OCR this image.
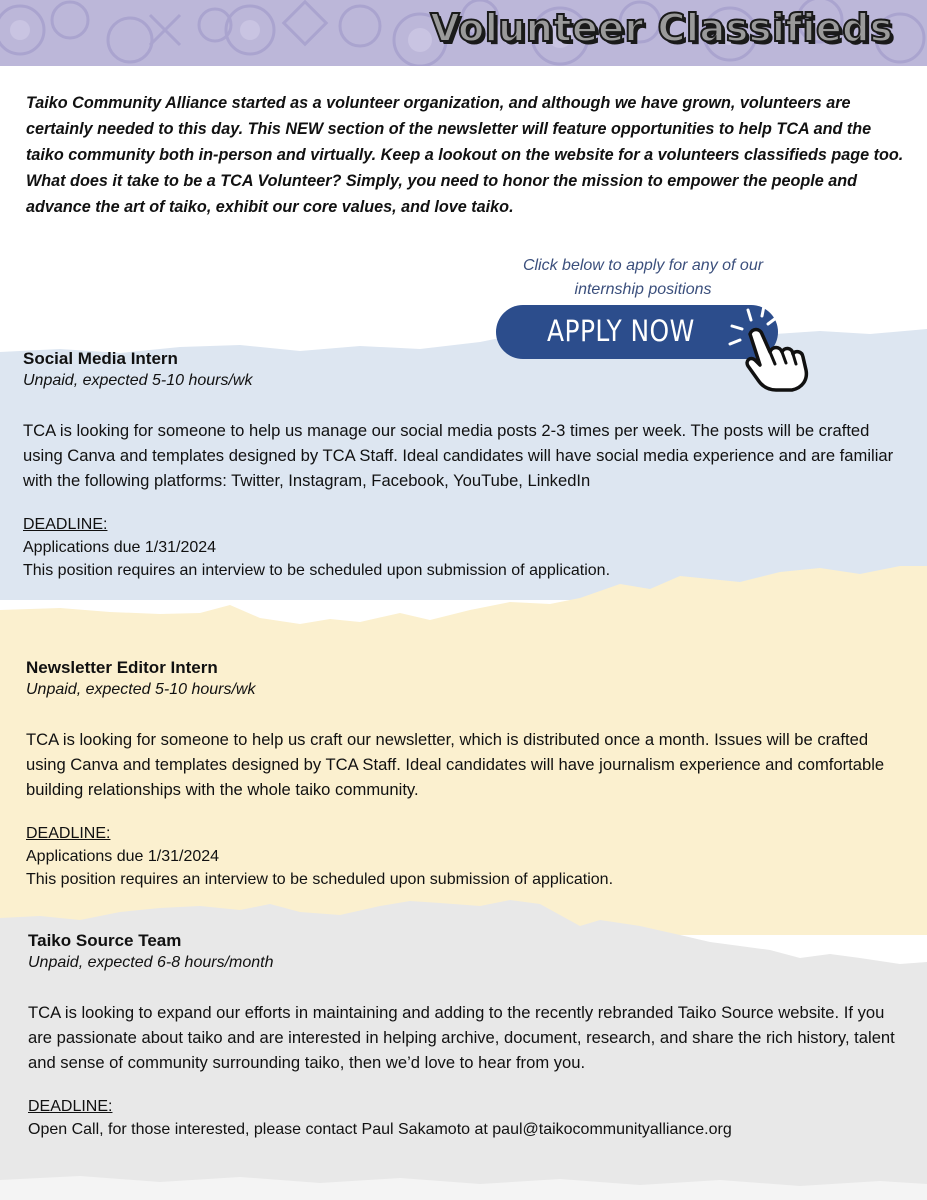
Volunteer Classifieds

Taiko Community Alliance started as a volunteer organization, and although we have grown, volunteers are certainly needed to this day. This NEW section of the newsletter will feature opportunities to help TCA and the taiko community both in-person and virtually. Keep a lookout on the website for a volunteers classifieds page too. What does it take to be a TCA Volunteer? Simply, you need to honor the mission to empower the people and advance the art of taiko, exhibit our core values, and love taiko.

Click below to apply for any of our internship positions

APPLY NOW
Social Media Intern

Unpaid, expected 5-10 hours/wk

TCA is looking for someone to help us manage our social media posts 2-3 times per week. The posts will be crafted using Canva and templates designed by TCA Staff. Ideal candidates will have social media experience and are familiar with the following platforms: Twitter, Instagram, Facebook, YouTube, LinkedIn

DEADLINE:

Applications due 1/31/2024

This position requires an interview to be scheduled upon submission of application.

Newsletter Editor Intern

Unpaid, expected 5-10 hours/wk

TCA is looking for someone to help us craft our newsletter, which is distributed once a month. Issues will be crafted using Canva and templates designed by TCA Staff. Ideal candidates will have journalism experience and comfortable building relationships with the whole taiko community.

DEADLINE:

Applications due 1/31/2024

This position requires an interview to be scheduled upon submission of application.

Taiko Source Team

Unpaid, expected 6-8 hours/month

TCA is looking to expand our efforts in maintaining and adding to the recently rebranded Taiko Source website. If you are passionate about taiko and are interested in helping archive, document, research, and share the rich history, talent and sense of community surrounding taiko, then we’d love to hear from you.

DEADLINE:

Open Call, for those interested, please contact Paul Sakamoto at paul@taikocommunityalliance.org
